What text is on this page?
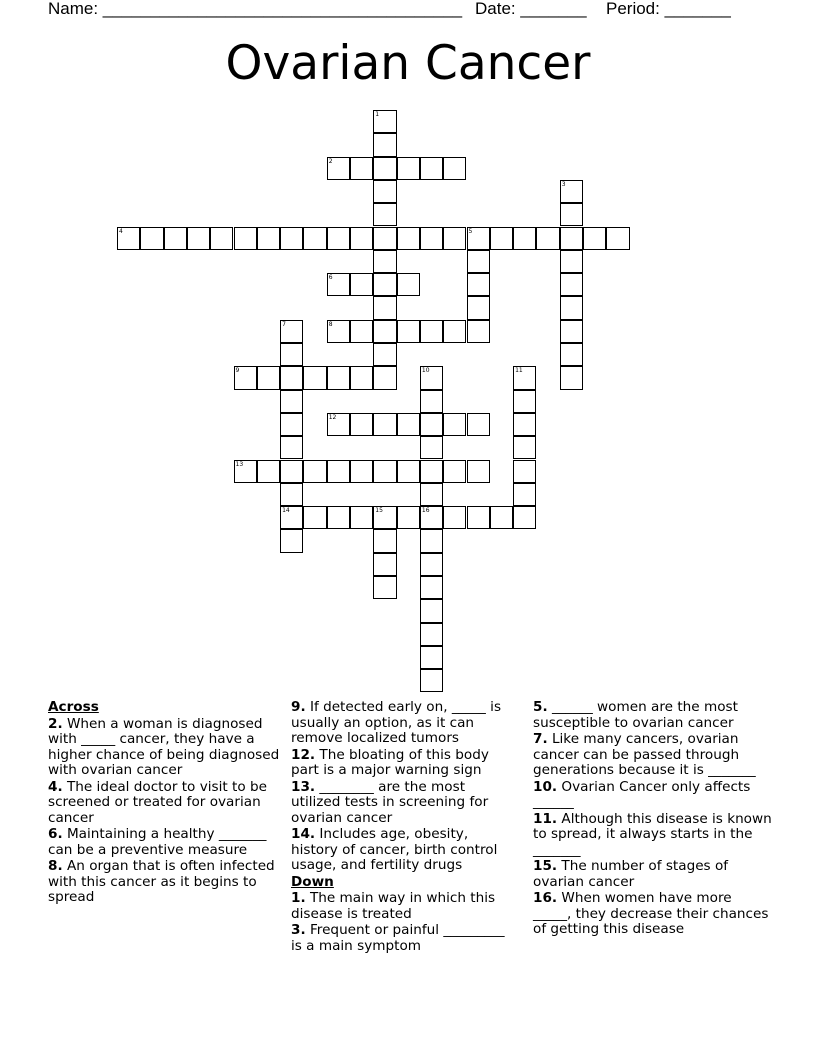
Name: ______________________________________ Date: _______ Period: _______
Ovarian Cancer
1
2
3
4	5
6
7
14
8
9	10	11
12
13
15	16
Across
2. When a woman is diagnosed with _____ cancer, they have a higher chance of being diagnosed with ovarian cancer
4. The ideal doctor to visit to be screened or treated for ovarian cancer
6. Maintaining a healthy _______ can be a preventive measure
8. An organ that is often infected with this cancer as it begins to spread
9. If detected early on, _____ is usually an option, as it can remove localized tumors
12. The bloating of this body part is a major warning sign
13. ________ are the most utilized tests in screening for ovarian cancer
14. Includes age, obesity, history of cancer, birth control usage, and fertility drugs
Down
1. The main way in which this disease is treated
3. Frequent or painful _________ is a main symptom
5. ______ women are the most susceptible to ovarian cancer
7. Like many cancers, ovarian cancer can be passed through generations because it is _______
10. Ovarian Cancer only affects ______
11. Although this disease is known to spread, it always starts in the _______
15. The number of stages of ovarian cancer
16. When women have more _____, they decrease their chances of getting this disease
